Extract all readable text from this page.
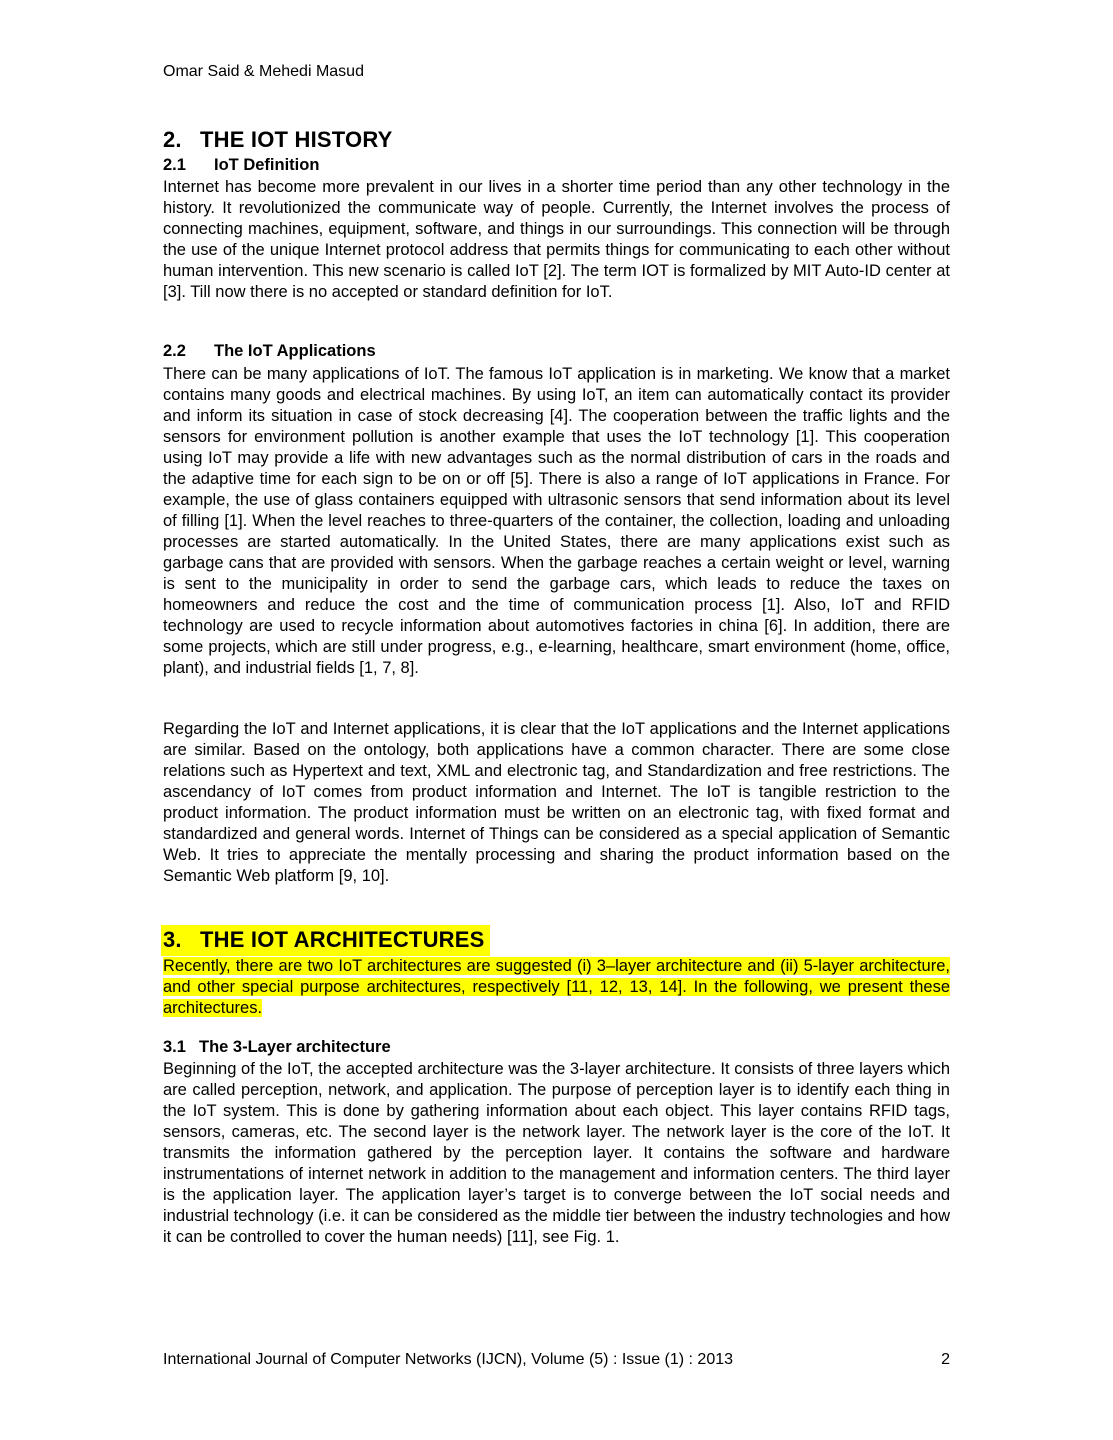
Omar Said & Mehedi Masud
2. THE IOT HISTORY
2.1 IoT Definition
Internet has become more prevalent in our lives in a shorter time period than any other technology in the history. It revolutionized the communicate way of people. Currently, the Internet involves the process of connecting machines, equipment, software, and things in our surroundings. This connection will be through the use of the unique Internet protocol address that permits things for communicating to each other without human intervention. This new scenario is called IoT [2]. The term IOT is formalized by MIT Auto-ID center at [3]. Till now there is no accepted or standard definition for IoT.
2.2 The IoT Applications
There can be many applications of IoT. The famous IoT application is in marketing. We know that a market contains many goods and electrical machines. By using IoT, an item can automatically contact its provider and inform its situation in case of stock decreasing [4]. The cooperation between the traffic lights and the sensors for environment pollution is another example that uses the IoT technology [1]. This cooperation using IoT may provide a life with new advantages such as the normal distribution of cars in the roads and the adaptive time for each sign to be on or off [5]. There is also a range of IoT applications in France. For example, the use of glass containers equipped with ultrasonic sensors that send information about its level of filling [1]. When the level reaches to three-quarters of the container, the collection, loading and unloading processes are started automatically. In the United States, there are many applications exist such as garbage cans that are provided with sensors. When the garbage reaches a certain weight or level, warning is sent to the municipality in order to send the garbage cars, which leads to reduce the taxes on homeowners and reduce the cost and the time of communication process [1]. Also, IoT and RFID technology are used to recycle information about automotives factories in china [6]. In addition, there are some projects, which are still under progress, e.g., e-learning, healthcare, smart environment (home, office, plant), and industrial fields [1, 7, 8].
Regarding the IoT and Internet applications, it is clear that the IoT applications and the Internet applications are similar. Based on the ontology, both applications have a common character. There are some close relations such as Hypertext and text, XML and electronic tag, and Standardization and free restrictions. The ascendancy of IoT comes from product information and Internet. The IoT is tangible restriction to the product information. The product information must be written on an electronic tag, with fixed format and standardized and general words. Internet of Things can be considered as a special application of Semantic Web. It tries to appreciate the mentally processing and sharing the product information based on the Semantic Web platform [9, 10].
3. THE IOT ARCHITECTURES
Recently, there are two IoT architectures are suggested (i) 3–layer architecture and (ii) 5-layer architecture, and other special purpose architectures, respectively [11, 12, 13, 14]. In the following, we present these architectures.
3.1 The 3-Layer architecture
Beginning of the IoT, the accepted architecture was the 3-layer architecture. It consists of three layers which are called perception, network, and application. The purpose of perception layer is to identify each thing in the IoT system. This is done by gathering information about each object. This layer contains RFID tags, sensors, cameras, etc. The second layer is the network layer. The network layer is the core of the IoT. It transmits the information gathered by the perception layer. It contains the software and hardware instrumentations of internet network in addition to the management and information centers. The third layer is the application layer. The application layer’s target is to converge between the IoT social needs and industrial technology (i.e. it can be considered as the middle tier between the industry technologies and how it can be controlled to cover the human needs) [11], see Fig. 1.
International Journal of Computer Networks (IJCN), Volume (5) : Issue (1) : 2013	2
